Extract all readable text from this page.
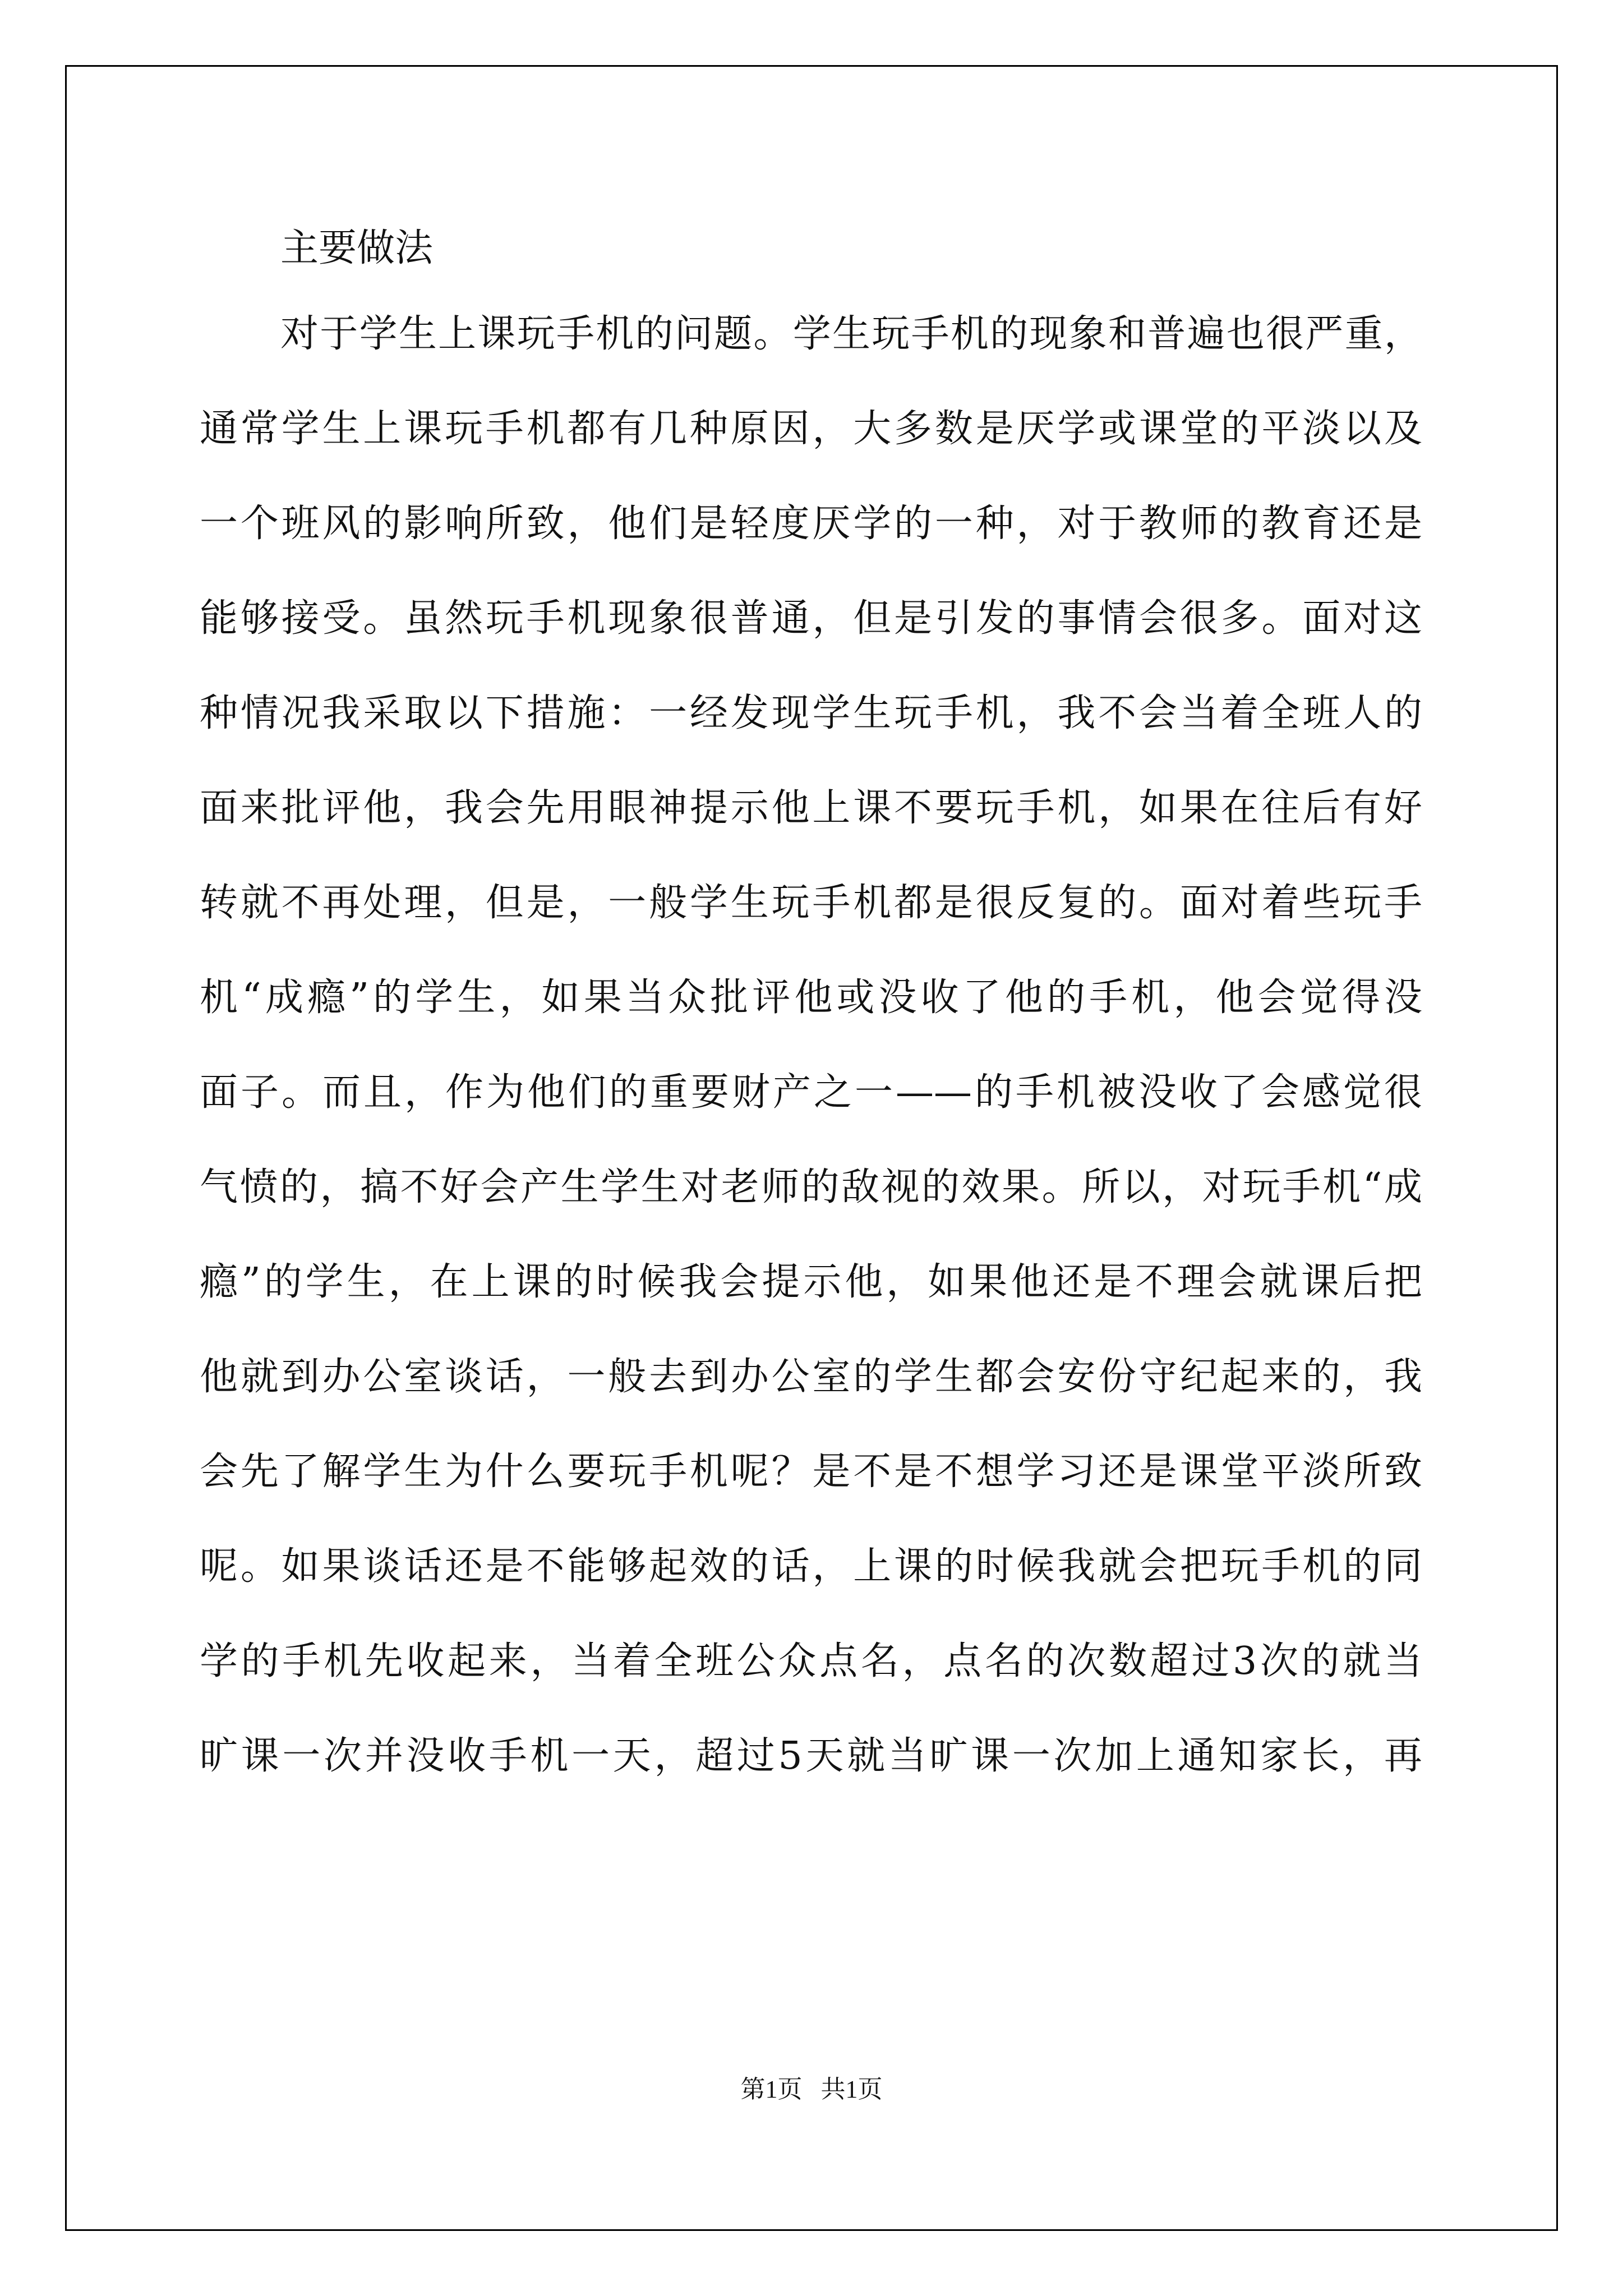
主要做法
对于学生上课玩手机的问题。学生玩手机的现象和普遍也很严重，
通常学生上课玩手机都有几种原因，大多数是厌学或课堂的平淡以及
一个班风的影响所致，他们是轻度厌学的一种，对于教师的教育还是
能够接受。虽然玩手机现象很普通，但是引发的事情会很多。面对这
种情况我采取以下措施：一经发现学生玩手机，我不会当着全班人的
面来批评他，我会先用眼神提示他上课不要玩手机，如果在往后有好
转就不再处理，但是，一般学生玩手机都是很反复的。面对着些玩手
机“成瘾”的学生，如果当众批评他或没收了他的手机，他会觉得没
面子。而且，作为他们的重要财产之一——的手机被没收了会感觉很
气愤的，搞不好会产生学生对老师的敌视的效果。所以，对玩手机“成
瘾”的学生，在上课的时候我会提示他，如果他还是不理会就课后把
他就到办公室谈话，一般去到办公室的学生都会安份守纪起来的，我
会先了解学生为什么要玩手机呢？是不是不想学习还是课堂平淡所致
呢。如果谈话还是不能够起效的话，上课的时候我就会把玩手机的同
学的手机先收起来，当着全班公众点名，点名的次数超过3次的就当
旷课一次并没收手机一天，超过5天就当旷课一次加上通知家长，再
第1页   共1页
